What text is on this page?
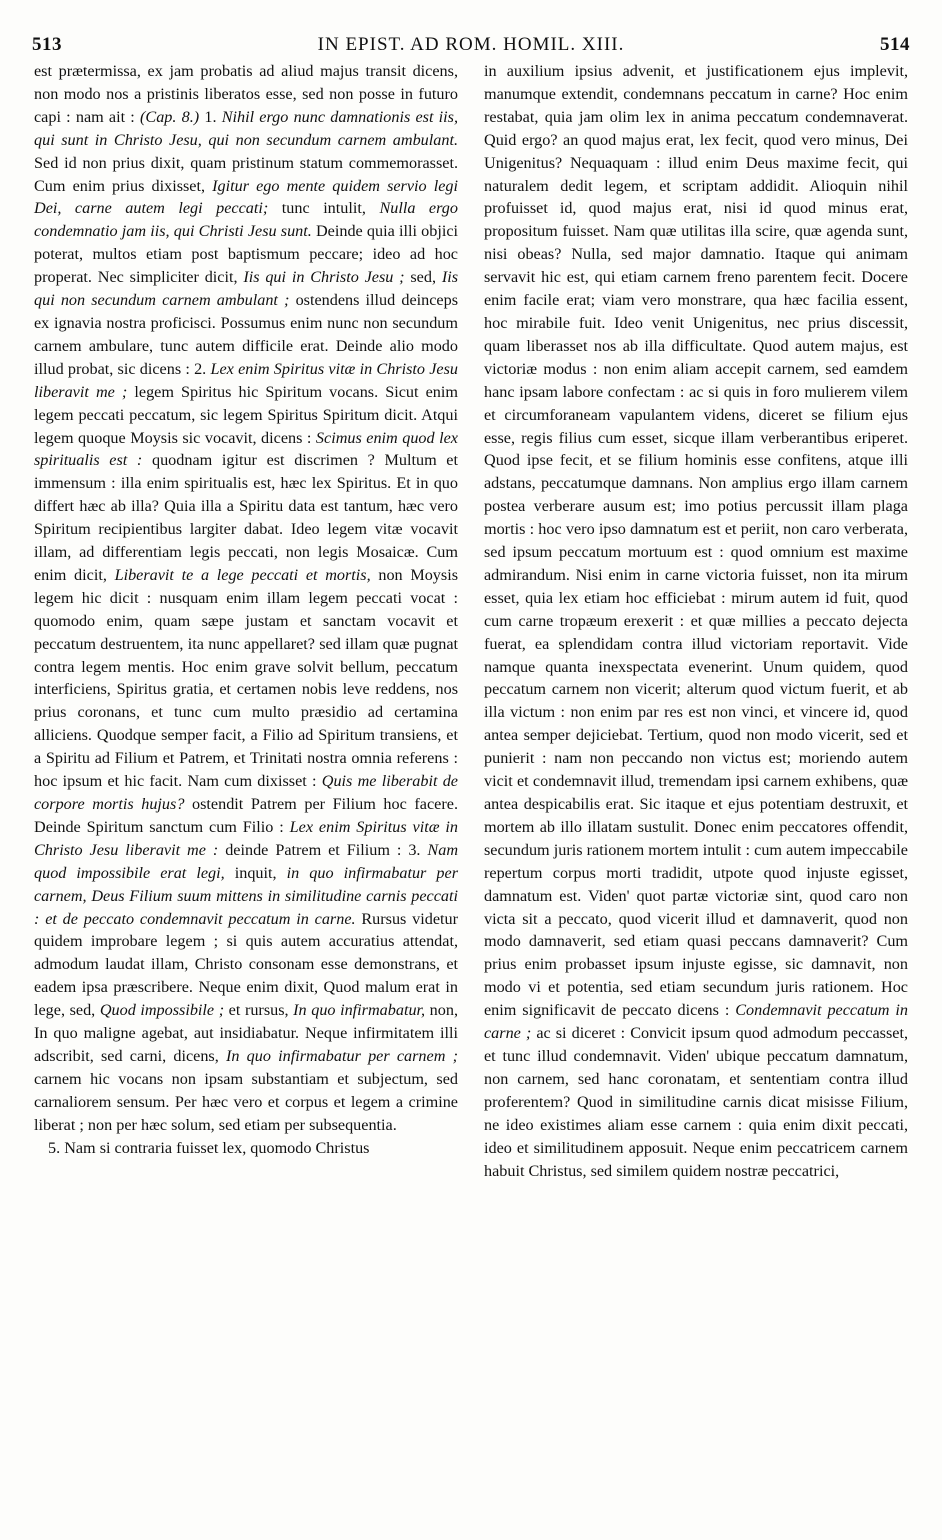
513	IN EPIST. AD ROM. HOMIL. XIII.	514

est prætermissa, ex jam probatis ad aliud majus transit dicens, non modo nos a pristinis liberatos esse, sed non posse in futuro capi : nam ait : (Cap. 8.) 1. Nihil ergo nunc damnationis est iis, qui sunt in Christo Jesu, qui non secundum carnem ambulant. Sed id non prius dixit, quam pristinum statum commemorasset. Cum enim prius dixisset, Igitur ego mente quidem servio legi Dei, carne autem legi peccati; tunc intulit, Nulla ergo condemnatio jam iis, qui Christi Jesu sunt. Deinde quia illi objici poterat, multos etiam post baptismum peccare; ideo ad hoc properat. Nec simpliciter dicit, Iis qui in Christo Jesu ; sed, Iis qui non secundum carnem ambulant ; ostendens illud deinceps ex ignavia nostra proficisci. Possumus enim nunc non secundum carnem ambulare, tunc autem difficile erat. Deinde alio modo illud probat, sic dicens : 2. Lex enim Spiritus vitæ in Christo Jesu liberavit me ; legem Spiritus hic Spiritum vocans. Sicut enim legem peccati peccatum, sic legem Spiritus Spiritum dicit. Atqui legem quoque Moysis sic vocavit, dicens : Scimus enim quod lex spiritualis est : quodnam igitur est discrimen ? Multum et immensum : illa enim spiritualis est, hæc lex Spiritus. Et in quo differt hæc ab illa? Quia illa a Spiritu data est tantum, hæc vero Spiritum recipientibus largiter dabat. Ideo legem vitæ vocavit illam, ad differentiam legis peccati, non legis Mosaicæ. Cum enim dicit, Liberavit te a lege peccati et mortis, non Moysis legem hic dicit : nusquam enim illam legem peccati vocat : quomodo enim, quam sæpe justam et sanctam vocavit et peccatum destruentem, ita nunc appellaret? sed illam quæ pugnat contra legem mentis. Hoc enim grave solvit bellum, peccatum interficiens, Spiritus gratia, et certamen nobis leve reddens, nos prius coronans, et tunc cum multo præsidio ad certamina alliciens. Quodque semper facit, a Filio ad Spiritum transiens, et a Spiritu ad Filium et Patrem, et Trinitati nostra omnia referens : hoc ipsum et hic facit. Nam cum dixisset : Quis me liberabit de corpore mortis hujus? ostendit Patrem per Filium hoc facere. Deinde Spiritum sanctum cum Filio : Lex enim Spiritus vitæ in Christo Jesu liberavit me : deinde Patrem et Filium : 3. Nam quod impossibile erat legi, inquit, in quo infirmabatur per carnem, Deus Filium suum mittens in similitudine carnis peccati : et de peccato condemnavit peccatum in carne. Rursus videtur quidem improbare legem ; si quis autem accuratius attendat, admodum laudat illam, Christo consonam esse demonstrans, et eadem ipsa præscribere. Neque enim dixit, Quod malum erat in lege, sed, Quod impossibile ; et rursus, In quo infirmabatur, non, In quo maligne agebat, aut insidiabatur. Neque infirmitatem illi adscribit, sed carni, dicens, In quo infirmabatur per carnem ; carnem hic vocans non ipsam substantiam et subjectum, sed carnaliorem sensum. Per hæc vero et corpus et legem a crimine liberat ; non per hæc solum, sed etiam per subsequentia.

5. Nam si contraria fuisset lex, quomodo Christus

in auxilium ipsius advenit, et justificationem ejus implevit, manumque extendit, condemnans peccatum in carne? Hoc enim restabat, quia jam olim lex in anima peccatum condemnaverat. Quid ergo? an quod majus erat, lex fecit, quod vero minus, Dei Unigenitus? Nequaquam : illud enim Deus maxime fecit, qui naturalem dedit legem, et scriptam addidit. Alioquin nihil profuisset id, quod majus erat, nisi id quod minus erat, propositum fuisset. Nam quæ utilitas illa scire, quæ agenda sunt, nisi obeas? Nulla, sed major damnatio. Itaque qui animam servavit hic est, qui etiam carnem freno parentem fecit. Docere enim facile erat; viam vero monstrare, qua hæc facilia essent, hoc mirabile fuit. Ideo venit Unigenitus, nec prius discessit, quam liberasset nos ab illa difficultate. Quod autem majus, est victoriæ modus : non enim aliam accepit carnem, sed eamdem hanc ipsam labore confectam : ac si quis in foro mulierem vilem et circumforaneam vapulantem videns, diceret se filium ejus esse, regis filius cum esset, sicque illam verberantibus eriperet. Quod ipse fecit, et se filium hominis esse confitens, atque illi adstans, peccatumque damnans. Non amplius ergo illam carnem postea verberare ausum est; imo potius percussit illam plaga mortis : hoc vero ipso damnatum est et periit, non caro verberata, sed ipsum peccatum mortuum est : quod omnium est maxime admirandum. Nisi enim in carne victoria fuisset, non ita mirum esset, quia lex etiam hoc efficiebat : mirum autem id fuit, quod cum carne tropæum erexerit : et quæ millies a peccato dejecta fuerat, ea splendidam contra illud victoriam reportavit. Vide namque quanta inexspectata evenerint. Unum quidem, quod peccatum carnem non vicerit; alterum quod victum fuerit, et ab illa victum : non enim par res est non vinci, et vincere id, quod antea semper dejiciebat. Tertium, quod non modo vicerit, sed et punierit : nam non peccando non victus est; moriendo autem vicit et condemnavit illud, tremendam ipsi carnem exhibens, quæ antea despicabilis erat. Sic itaque et ejus potentiam destruxit, et mortem ab illo illatam sustulit. Donec enim peccatores offendit, secundum juris rationem mortem intulit : cum autem impeccabile repertum corpus morti tradidit, utpote quod injuste egisset, damnatum est. Viden' quot partæ victoriæ sint, quod caro non victa sit a peccato, quod vicerit illud et damnaverit, quod non modo damnaverit, sed etiam quasi peccans damnaverit? Cum prius enim probasset ipsum injuste egisse, sic damnavit, non modo vi et potentia, sed etiam secundum juris rationem. Hoc enim significavit de peccato dicens : Condemnavit peccatum in carne ; ac si diceret : Convicit ipsum quod admodum peccasset, et tunc illud condemnavit. Viden' ubique peccatum damnatum, non carnem, sed hanc coronatam, et sententiam contra illud proferentem? Quod in similitudine carnis dicat misisse Filium, ne ideo existimes aliam esse carnem : quia enim dixit peccati, ideo et similitudinem apposuit. Neque enim peccatricem carnem habuit Christus, sed similem quidem nostræ peccatrici,
